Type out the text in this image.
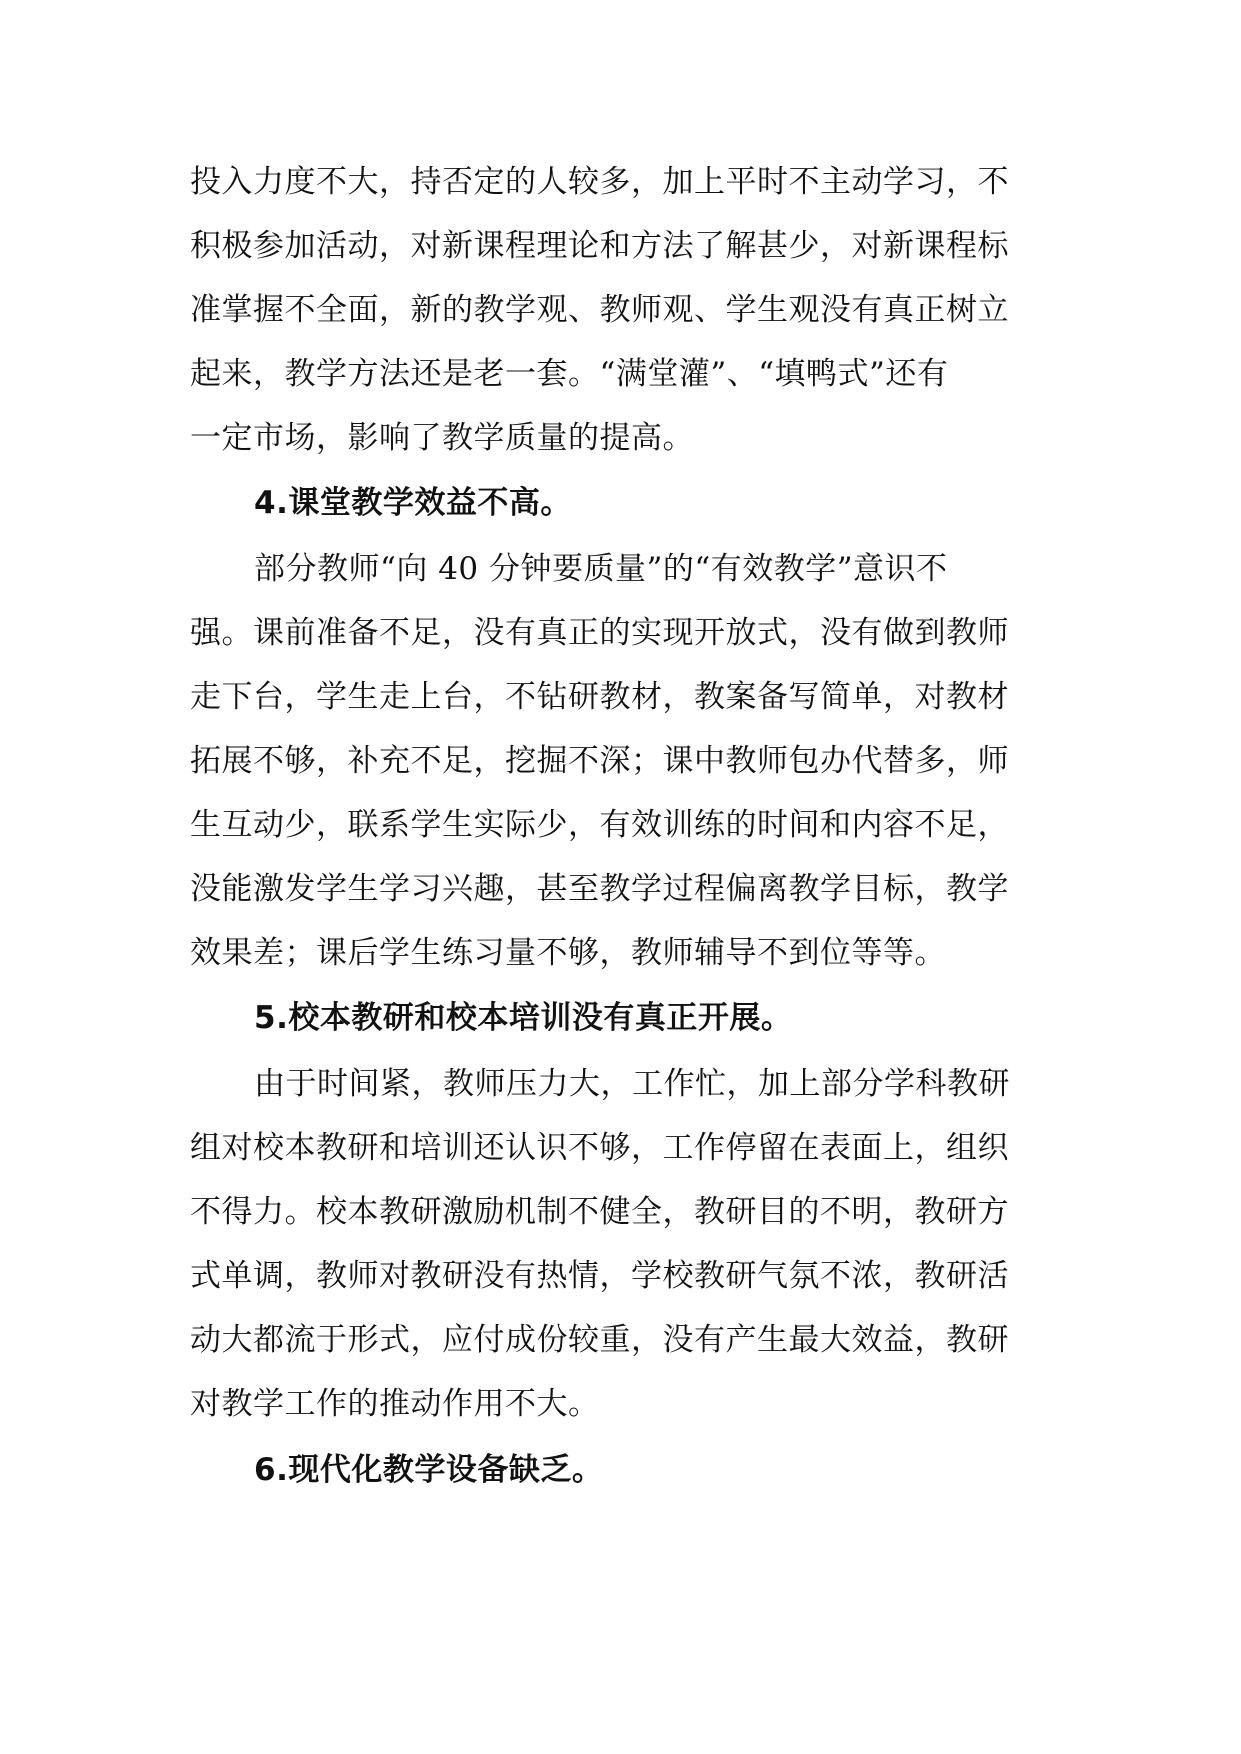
投入力度不大，持否定的人较多，加上平时不主动学习，不
积极参加活动，对新课程理论和方法了解甚少，对新课程标
准掌握不全面，新的教学观、教师观、学生观没有真正树立
起来，教学方法还是老一套。“满堂灌”、“填鸭式”还有
一定市场，影响了教学质量的提高。
4.课堂教学效益不高。
部分教师“向 40 分钟要质量”的“有效教学”意识不
强。课前准备不足，没有真正的实现开放式，没有做到教师
走下台，学生走上台，不钻研教材，教案备写简单，对教材
拓展不够，补充不足，挖掘不深；课中教师包办代替多，师
生互动少，联系学生实际少，有效训练的时间和内容不足，
没能激发学生学习兴趣，甚至教学过程偏离教学目标，教学
效果差；课后学生练习量不够，教师辅导不到位等等。
5.校本教研和校本培训没有真正开展。
由于时间紧，教师压力大，工作忙，加上部分学科教研
组对校本教研和培训还认识不够，工作停留在表面上，组织
不得力。校本教研激励机制不健全，教研目的不明，教研方
式单调，教师对教研没有热情，学校教研气氛不浓，教研活
动大都流于形式，应付成份较重，没有产生最大效益，教研
对教学工作的推动作用不大。
6.现代化教学设备缺乏。
